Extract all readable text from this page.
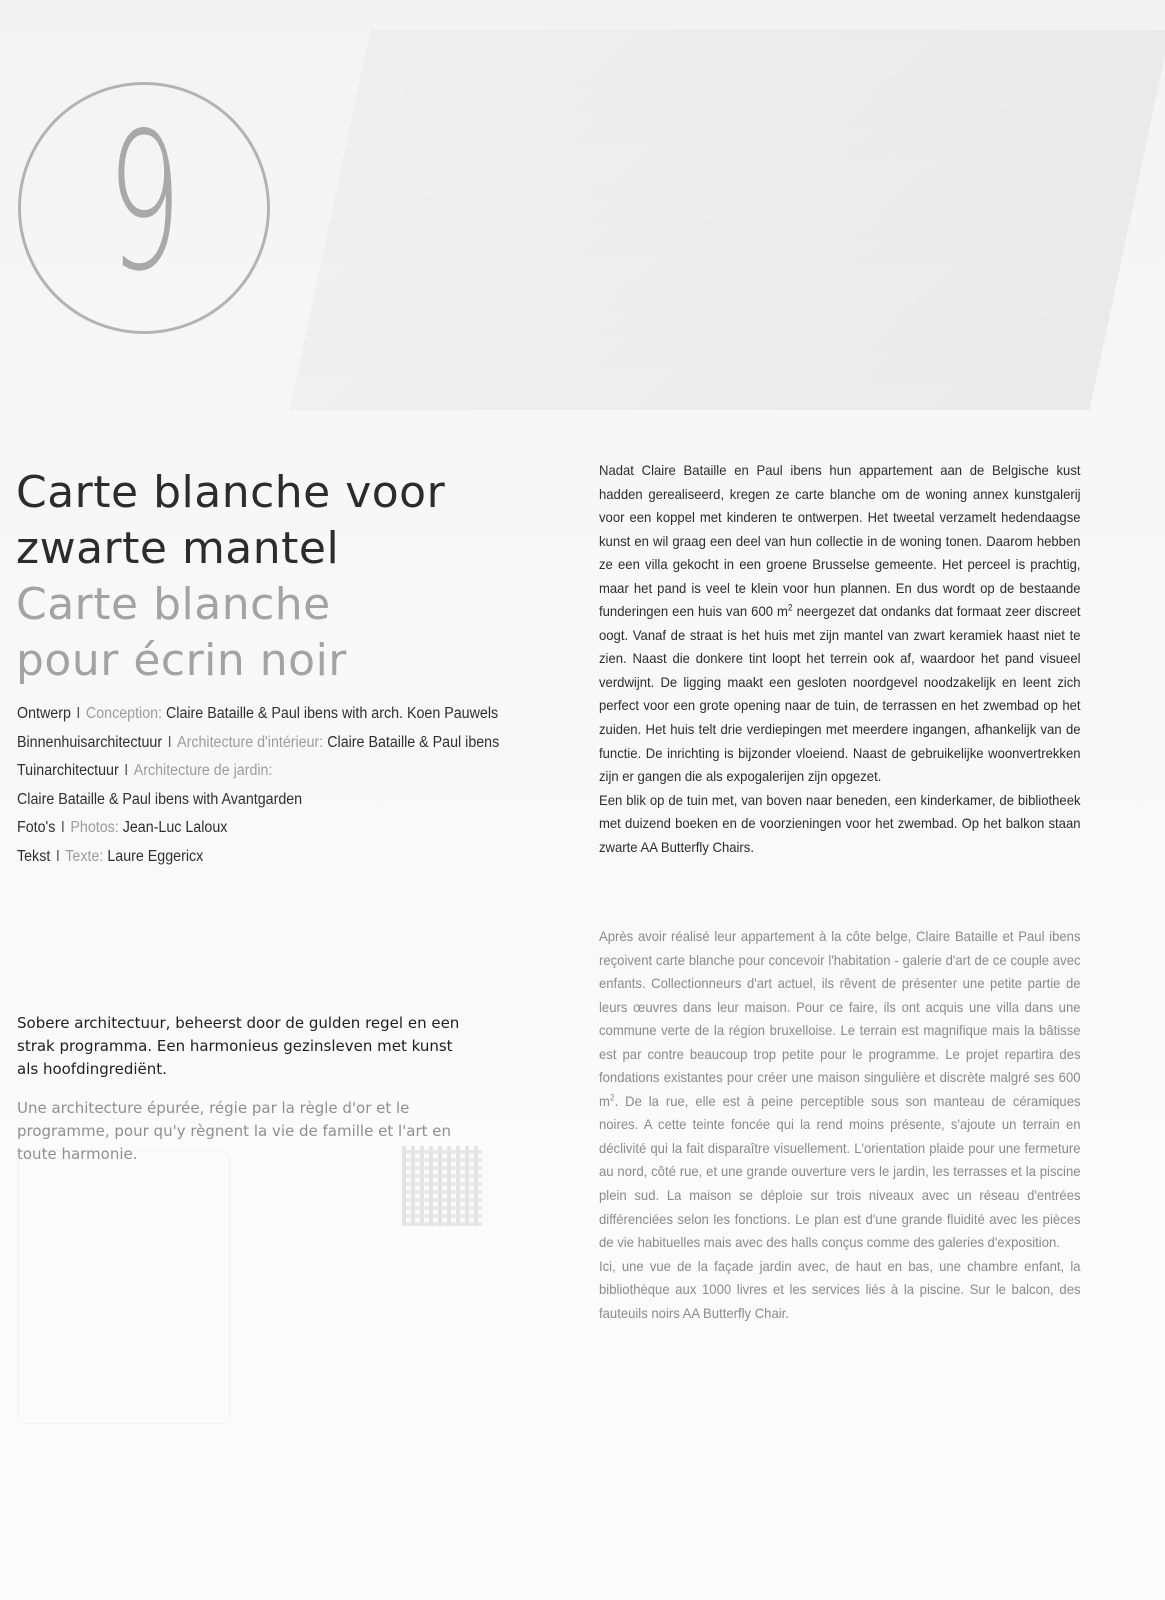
9
Carte blanche voor
zwarte mantel
Carte blanche
pour écrin noir
Ontwerp I Conception: Claire Bataille & Paul ibens with arch. Koen Pauwels
Binnenhuisarchitectuur I Architecture d'intérieur: Claire Bataille & Paul ibens
Tuinarchitectuur I Architecture de jardin:
Claire Bataille & Paul ibens with Avantgarden
Foto's I Photos: Jean-Luc Laloux
Tekst I Texte: Laure Eggericx

Sobere architectuur, beheerst door de gulden regel en een
strak programma. Een harmonieus gezinsleven met kunst
als hoofdingrediënt.

Une architecture épurée, régie par la règle d'or et le
programme, pour qu'y règnent la vie de famille et l'art en
toute harmonie.

Nadat Claire Bataille en Paul ibens hun appartement aan de Belgische kust hadden gerealiseerd, kregen ze carte blanche om de woning annex kunstgalerij voor een koppel met kinderen te ontwerpen. Het tweetal verzamelt hedendaagse kunst en wil graag een deel van hun collectie in de woning tonen. Daarom hebben ze een villa gekocht in een groene Brusselse gemeente. Het perceel is prachtig, maar het pand is veel te klein voor hun plannen. En dus wordt op de bestaande funderingen een huis van 600 $m^2$ neergezet dat ondanks dat formaat zeer discreet oogt. Vanaf de straat is het huis met zijn mantel van zwart keramiek haast niet te zien. Naast die donkere tint loopt het terrein ook af, waardoor het pand visueel verdwijnt. De ligging maakt een gesloten noordgevel noodzakelijk en leent zich perfect voor een grote opening naar de tuin, de terrassen en het zwembad op het zuiden. Het huis telt drie verdiepingen met meerdere ingangen, afhankelijk van de functie. De inrichting is bijzonder vloeiend. Naast de gebruikelijke woonvertrekken zijn er gangen die als expogalerijen zijn opgezet.
Een blik op de tuin met, van boven naar beneden, een kinderkamer, de bibliotheek met duizend boeken en de voorzieningen voor het zwembad. Op het balkon staan zwarte AA Butterfly Chairs.

Après avoir réalisé leur appartement à la côte belge, Claire Bataille et Paul ibens reçoivent carte blanche pour concevoir l'habitation - galerie d'art de ce couple avec enfants. Collectionneurs d'art actuel, ils rêvent de présenter une petite partie de leurs œuvres dans leur maison. Pour ce faire, ils ont acquis une villa dans une commune verte de la région bruxelloise. Le terrain est magnifique mais la bâtisse est par contre beaucoup trop petite pour le programme. Le projet repartira des fondations existantes pour créer une maison singulière et discrète malgré ses 600 $m^2$. De la rue, elle est à peine perceptible sous son manteau de céramiques noires. A cette teinte foncée qui la rend moins présente, s'ajoute un terrain en déclivité qui la fait disparaître visuellement. L'orientation plaide pour une fermeture au nord, côté rue, et une grande ouverture vers le jardin, les terrasses et la piscine plein sud. La maison se déploie sur trois niveaux avec un réseau d'entrées différenciées selon les fonctions. Le plan est d'une grande fluidité avec les pièces de vie habituelles mais avec des halls conçus comme des galeries d'exposition.
Ici, une vue de la façade jardin avec, de haut en bas, une chambre enfant, la bibliothèque aux 1000 livres et les services liés à la piscine. Sur le balcon, des fauteuils noirs AA Butterfly Chair.
